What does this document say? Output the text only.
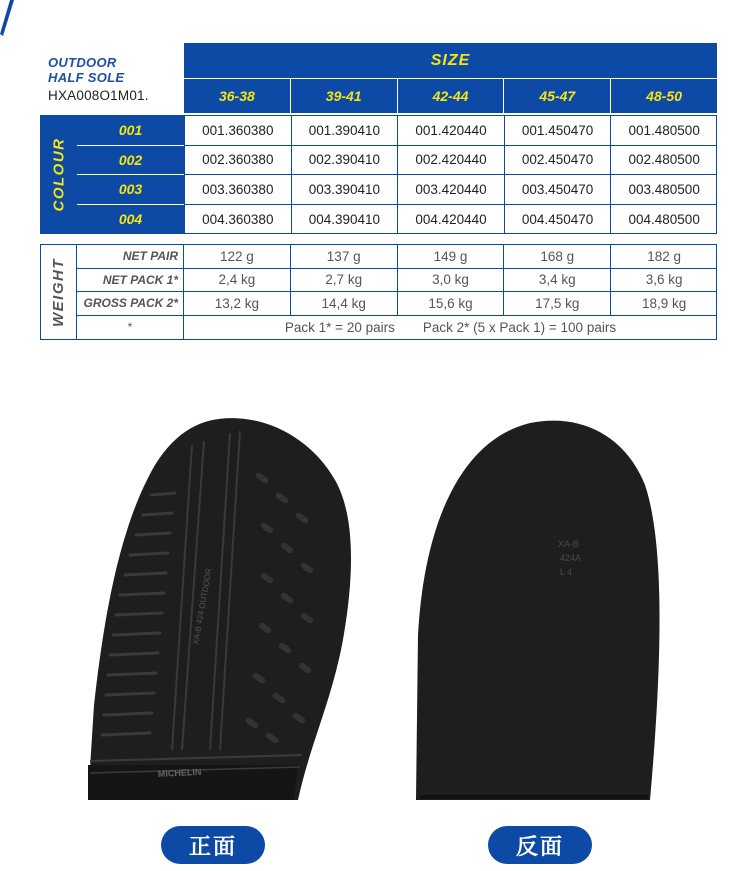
OUTDOOR
HALF SOLE
HXA008O1M01.
SIZE
36-38	39-41	42-44	45-47	48-50
COLOUR
001	001.360380	001.390410	001.420440	001.450470	001.480500
002	002.360380	002.390410	002.420440	002.450470	002.480500
003	003.360380	003.390410	003.420440	003.450470	003.480500
004	004.360380	004.390410	004.420440	004.450470	004.480500
WEIGHT
NET PAIR	122 g	137 g	149 g	168 g	182 g
NET PACK 1*	2,4 kg	2,7 kg	3,0 kg	3,4 kg	3,6 kg
GROSS PACK 2*	13,2 kg	14,4 kg	15,6 kg	17,5 kg	18,9 kg
*	Pack 1* = 20 pairs Pack 2* (5 x Pack 1) = 100 pairs
XA-B 424 OUTDOOR
MICHELIN
XA-B
424A
L 4
正面	反面
